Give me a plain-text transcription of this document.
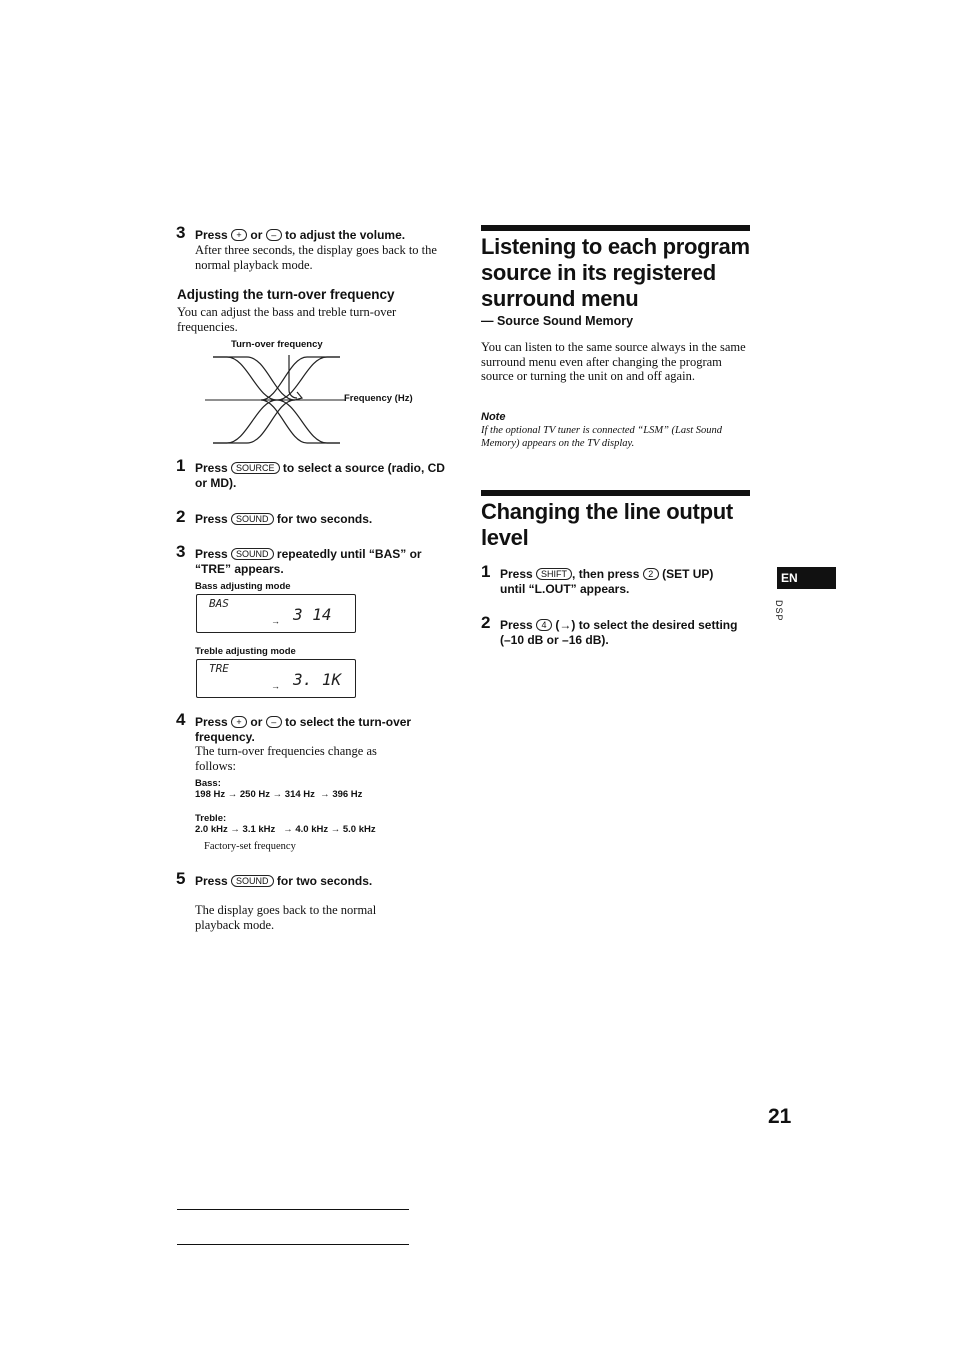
3 Press + or – to adjust the volume.
After three seconds, the display goes back to the normal playback mode.
Adjusting the turn-over frequency
You can adjust the bass and treble turn-over frequencies.
Turn-over frequency
Frequency (Hz)
1 Press SOURCE to select a source (radio, CD or MD).
2 Press SOUND for two seconds.
3 Press SOUND repeatedly until “BAS” or “TRE” appears.
Bass adjusting mode
BAS
3 14
→
Treble adjusting mode
TRE
3. 1K
→
4 Press + or – to select the turn-over frequency.
The turn-over frequencies change as follows:
Bass:
198 Hz → 250 Hz → 314 Hz → 396 Hz
Treble:
2.0 kHz → 3.1 kHz → 4.0 kHz → 5.0 kHz
Factory-set frequency
5 Press SOUND for two seconds.
The display goes back to the normal playback mode.
Listening to each program
source in its registered
surround menu
— Source Sound Memory
You can listen to the same source always in the same surround menu even after changing the program source or turning the unit on and off again.
Note
If the optional TV tuner is connected “LSM” (Last Sound Memory) appears on the TV display.
Changing the line output
level
1 Press SHIFT , then press 2 (SET UP) until “L.OUT” appears.
2 Press 4 (→) to select the desired setting (–10 dB or –16 dB).
EN
DSP
21
